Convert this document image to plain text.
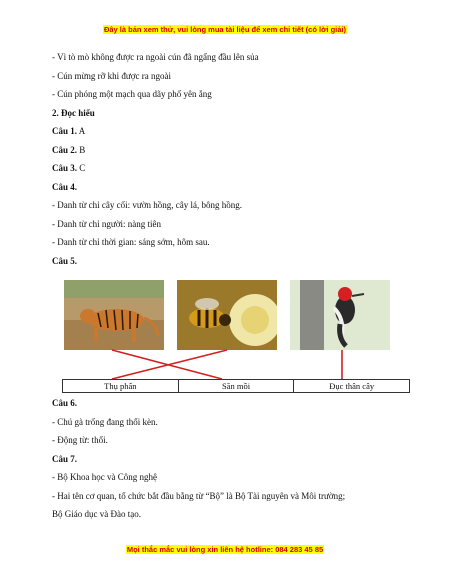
Đây là bản xem thử, vui lòng mua tài liệu để xem chi tiết (có lời giải)
- Vì tò mò không được ra ngoài cún đã ngẩng đầu lên sủa
- Cún mừng rỡ khi được ra ngoài
- Cún phóng một mạch qua dãy phố yên ắng
2. Đọc hiểu
Câu 1. A
Câu 2. B
Câu 3. C
Câu 4.
- Danh từ chỉ cây cối: vườn hồng, cây lá, bông hồng.
- Danh từ chỉ người: nàng tiên
- Danh từ chỉ thời gian: sáng sớm, hôm sau.
Câu 5.
Thụ phấn	Săn mồi	Đục thân cây
Câu 6.
- Chú gà trống đang thổi kèn.
- Động từ: thổi.
Câu 7.
- Bộ Khoa học và Công nghệ
- Hai tên cơ quan, tổ chức bắt đầu bằng từ “Bộ” là Bộ Tài nguyên và Môi trường;
Bộ Giáo dục và Đào tạo.
Mọi thắc mắc vui lòng xin liên hệ hotline: 084 283 45 85
